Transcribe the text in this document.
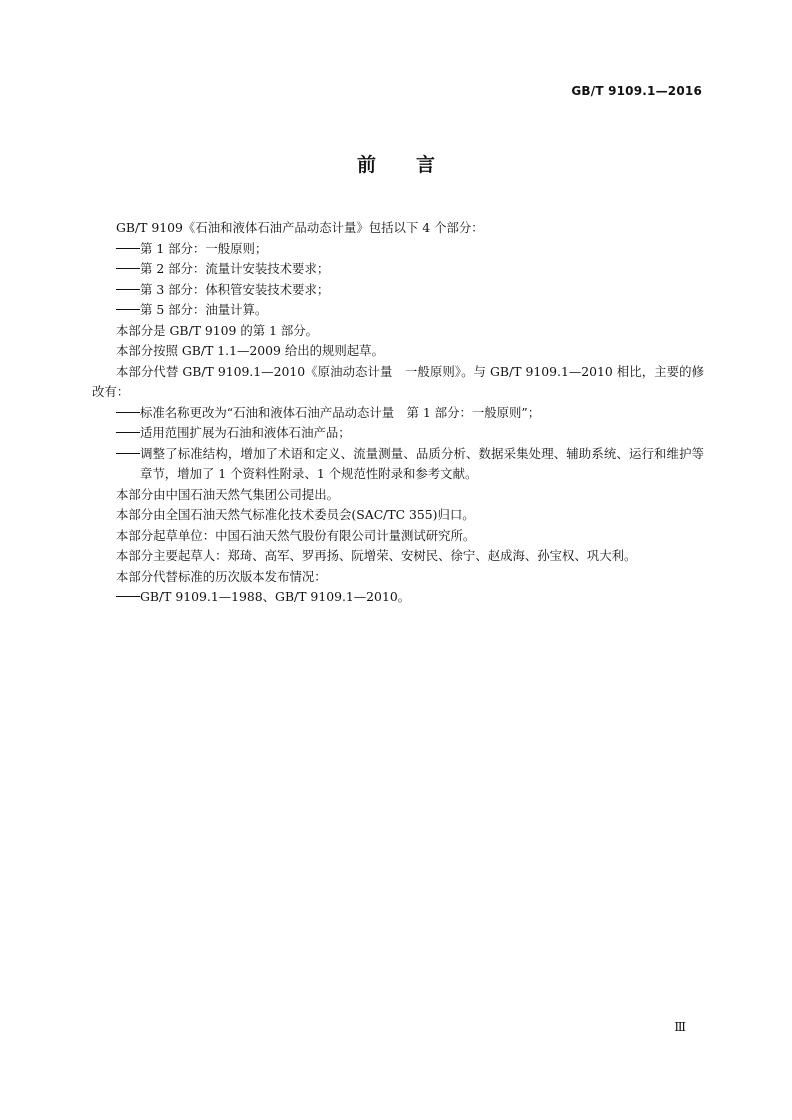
GB/T 9109.1—2016
前言

GB/T 9109《石油和液体石油产品动态计量》包括以下 4 个部分：

第 1 部分：一般原则；

第 2 部分：流量计安装技术要求；

第 3 部分：体积管安装技术要求；

第 5 部分：油量计算。

本部分是 GB/T 9109 的第 1 部分。

本部分按照 GB/T 1.1—2009 给出的规则起草。

本部分代替 GB/T 9109.1—2010《原油动态计量　一般原则》。与 GB/T 9109.1—2010 相比，主要的修改有：

标准名称更改为“石油和液体石油产品动态计量　第 1 部分：一般原则”；

适用范围扩展为石油和液体石油产品；

调整了标准结构，增加了术语和定义、流量测量、品质分析、数据采集处理、辅助系统、运行和维护等章节，增加了 1 个资料性附录、1 个规范性附录和参考文献。

本部分由中国石油天然气集团公司提出。

本部分由全国石油天然气标准化技术委员会(SAC/TC 355)归口。

本部分起草单位：中国石油天然气股份有限公司计量测试研究所。

本部分主要起草人：郑琦、高军、罗再扬、阮增荣、安树民、徐宁、赵成海、孙宝权、巩大利。

本部分代替标准的历次版本发布情况：

GB/T 9109.1—1988、GB/T 9109.1—2010。

Ⅲ
